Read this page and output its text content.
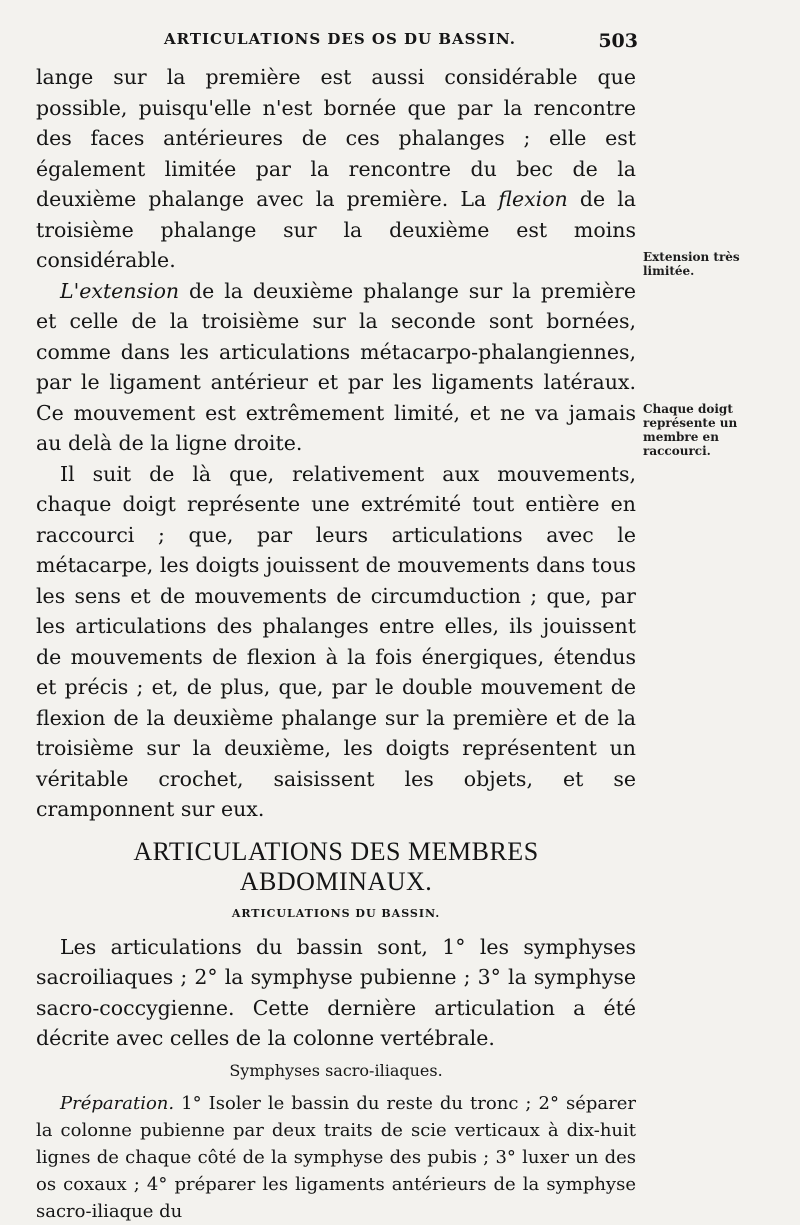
ARTICULATIONS DES OS DU BASSIN.	503

lange sur la première est aussi considérable que possible, puisqu'elle n'est bornée que par la rencontre des faces antérieures de ces phalanges ; elle est également limitée par la rencontre du bec de la deuxième phalange avec la première. La flexion de la troisième phalange sur la deuxième est moins considérable.

L'extension de la deuxième phalange sur la première et celle de la troisième sur la seconde sont bornées, comme dans les articulations métacarpo-phalangiennes, par le ligament antérieur et par les ligaments latéraux. Ce mouvement est extrêmement limité, et ne va jamais au delà de la ligne droite.

Il suit de là que, relativement aux mouvements, chaque doigt représente une extrémité tout entière en raccourci ; que, par leurs articulations avec le métacarpe, les doigts jouissent de mouvements dans tous les sens et de mouvements de circumduction ; que, par les articulations des phalanges entre elles, ils jouissent de mouvements de flexion à la fois énergiques, étendus et précis ; et, de plus, que, par le double mouvement de flexion de la deuxième phalange sur la première et de la troisième sur la deuxième, les doigts représentent un véritable crochet, saisissent les objets, et se cramponnent sur eux.

ARTICULATIONS DES MEMBRES ABDOMINAUX.
ARTICULATIONS DU BASSIN.

Les articulations du bassin sont, 1° les symphyses sacroiliaques ; 2° la symphyse pubienne ; 3° la symphyse sacro-coccygienne. Cette dernière articulation a été décrite avec celles de la colonne vertébrale.

Symphyses sacro-iliaques.

Préparation. 1° Isoler le bassin du reste du tronc ; 2° séparer la colonne pubienne par deux traits de scie verticaux à dix-huit lignes de chaque côté de la symphyse des pubis ; 3° luxer un des os coxaux ; 4° préparer les ligaments antérieurs de la symphyse sacro-iliaque du

Extension très limitée.
Chaque doigt représente un membre en raccourci.
